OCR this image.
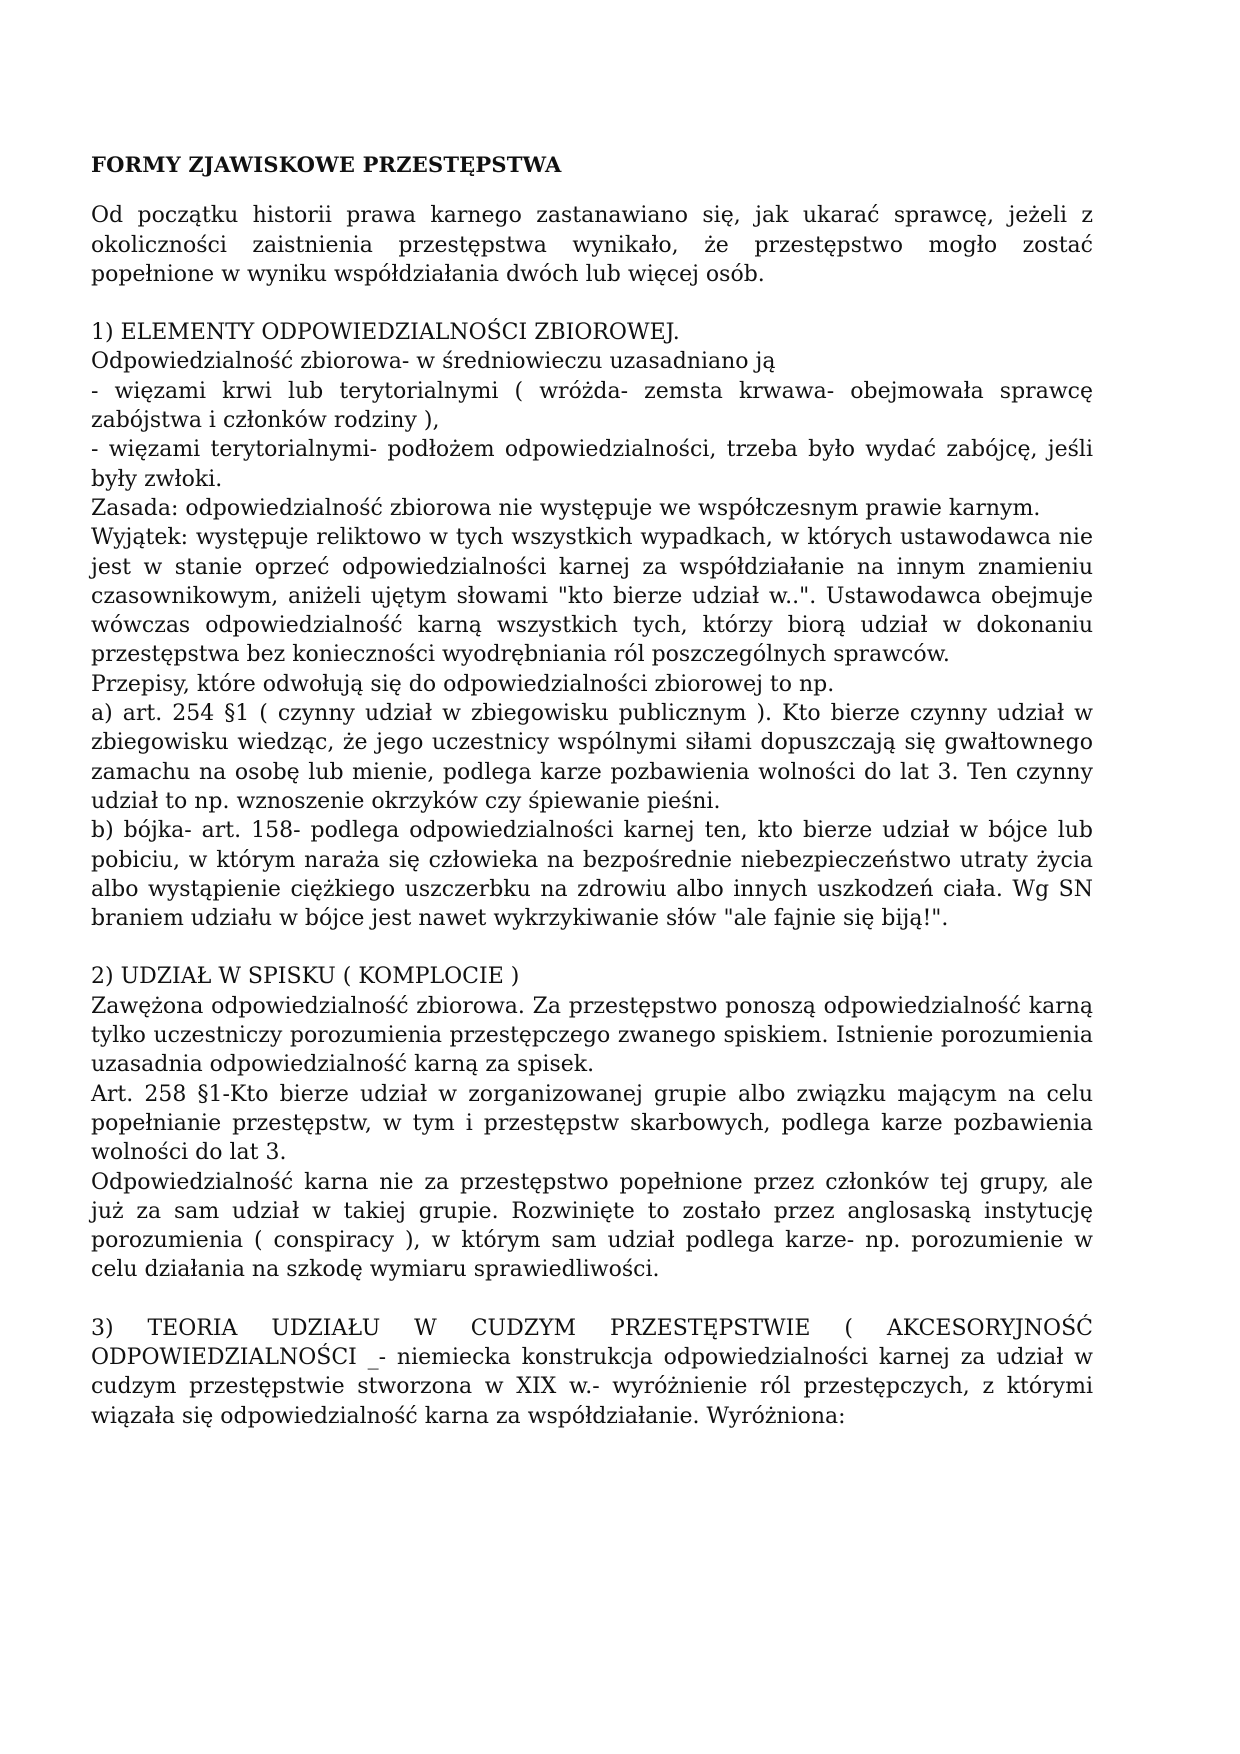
FORMY ZJAWISKOWE PRZESTĘPSTWA

Od początku historii prawa karnego zastanawiano się, jak ukarać sprawcę, jeżeli z okoliczności zaistnienia przestępstwa wynikało, że przestępstwo mogło zostać popełnione w wyniku współdziałania dwóch lub więcej osób.

1) ELEMENTY ODPOWIEDZIALNOŚCI ZBIOROWEJ.

Odpowiedzialność zbiorowa- w średniowieczu uzasadniano ją

- więzami krwi lub terytorialnymi ( wróżda- zemsta krwawa- obejmowała sprawcę zabójstwa i członków rodziny ),

- więzami terytorialnymi- podłożem odpowiedzialności, trzeba było wydać zabójcę, jeśli były zwłoki.

Zasada: odpowiedzialność zbiorowa nie występuje we współczesnym prawie karnym.

Wyjątek: występuje reliktowo w tych wszystkich wypadkach, w których ustawodawca nie jest w stanie oprzeć odpowiedzialności karnej za współdziałanie na innym znamieniu czasownikowym, aniżeli ujętym słowami "kto bierze udział w..". Ustawodawca obejmuje wówczas odpowiedzialność karną wszystkich tych, którzy biorą udział w dokonaniu przestępstwa bez konieczności wyodrębniania ról poszczególnych sprawców.

Przepisy, które odwołują się do odpowiedzialności zbiorowej to np.

a) art. 254 §1 ( czynny udział w zbiegowisku publicznym ). Kto bierze czynny udział w zbiegowisku wiedząc, że jego uczestnicy wspólnymi siłami dopuszczają się gwałtownego zamachu na osobę lub mienie, podlega karze pozbawienia wolności do lat 3. Ten czynny udział to np. wznoszenie okrzyków czy śpiewanie pieśni.

b) bójka- art. 158- podlega odpowiedzialności karnej ten, kto bierze udział w bójce lub pobiciu, w którym naraża się człowieka na bezpośrednie niebezpieczeństwo utraty życia albo wystąpienie ciężkiego uszczerbku na zdrowiu albo innych uszkodzeń ciała. Wg SN braniem udziału w bójce jest nawet wykrzykiwanie słów "ale fajnie się biją!".

2) UDZIAŁ W SPISKU ( KOMPLOCIE )

Zawężona odpowiedzialność zbiorowa. Za przestępstwo ponoszą odpowiedzialność karną tylko uczestniczy porozumienia przestępczego zwanego spiskiem. Istnienie porozumienia uzasadnia odpowiedzialność karną za spisek.

Art. 258 §1-Kto bierze udział w zorganizowanej grupie albo związku mającym na celu popełnianie przestępstw, w tym i przestępstw skarbowych, podlega karze pozbawienia wolności do lat 3.

Odpowiedzialność karna nie za przestępstwo popełnione przez członków tej grupy, ale już za sam udział w takiej grupie. Rozwinięte to zostało przez anglosaską instytucję porozumienia ( conspiracy ), w którym sam udział podlega karze- np. porozumienie w celu działania na szkodę wymiaru sprawiedliwości.

3) TEORIA UDZIAŁU W CUDZYM PRZESTĘPSTWIE ( AKCESORYJNOŚĆ ODPOWIEDZIALNOŚCI _- niemiecka konstrukcja odpowiedzialności karnej za udział w cudzym przestępstwie stworzona w XIX w.- wyróżnienie ról przestępczych, z którymi wiązała się odpowiedzialność karna za współdziałanie. Wyróżniona:
